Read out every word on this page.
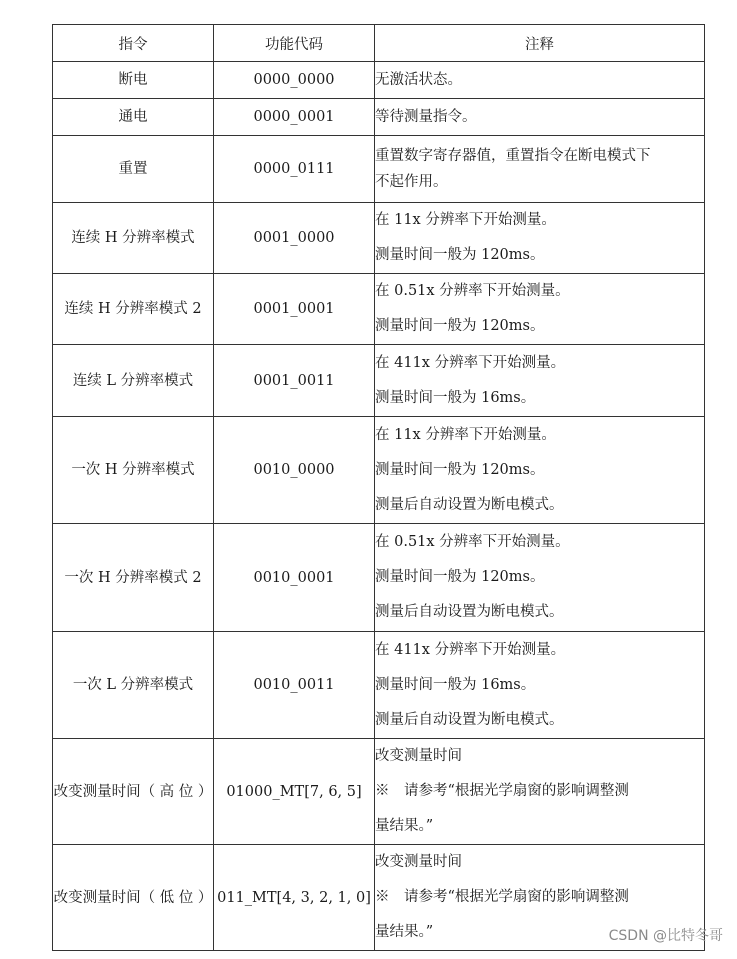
指令	功能代码	注释
断电	0000_0000	无激活状态。

通电	0000_0001	等待测量指令。

重置	0000_0111	重置数字寄存器值，重置指令在断电模式下
不起作用。

连续 H 分辨率模式	0001_0000	在 11x 分辨率下开始测量。
测量时间一般为 120ms。

连续 H 分辨率模式 2	0001_0001	在 0.51x 分辨率下开始测量。
测量时间一般为 120ms。

连续 L 分辨率模式	0001_0011	在 411x 分辨率下开始测量。
测量时间一般为 16ms。

一次 H 分辨率模式	0010_0000	在 11x 分辨率下开始测量。
测量时间一般为 120ms。
测量后自动设置为断电模式。

一次 H 分辨率模式 2	0010_0001	在 0.51x 分辨率下开始测量。
测量时间一般为 120ms。
测量后自动设置为断电模式。

一次 L 分辨率模式	0010_0011	在 411x 分辨率下开始测量。
测量时间一般为 16ms。
测量后自动设置为断电模式。

改变测量时间（ 高 位 ）	01000_MT[7, 6, 5]	改变测量时间
※　请参考“根据光学扇窗的影响调整测
量结果。”

改变测量时间（ 低 位 ）	011_MT[4, 3, 2, 1, 0]	改变测量时间
※　请参考“根据光学扇窗的影响调整测
量结果。”	CSDN @比特冬哥
